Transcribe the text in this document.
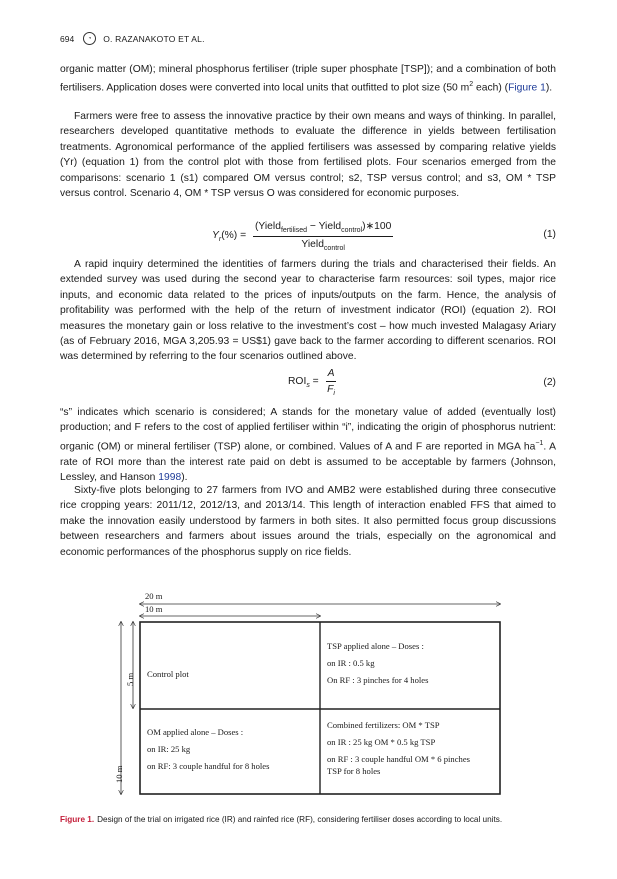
694	◔	O. RAZANAKOTO ET AL.

organic matter (OM); mineral phosphorus fertiliser (triple super phosphate [TSP]); and a combination of both fertilisers. Application doses were converted into local units that outfitted to plot size (50 $m^2$ each) (Figure 1).

Farmers were free to assess the innovative practice by their own means and ways of thinking. In parallel, researchers developed quantitative methods to evaluate the difference in yields between fertilisation treatments. Agronomical performance of the applied fertilisers was assessed by comparing relative yields (Yr) (equation 1) from the control plot with those from fertilised plots. Four scenarios emerged from the comparisons: scenario 1 (s1) compared OM versus control; s2, TSP versus control; and s3, OM * TSP versus control. Scenario 4, OM * TSP versus O was considered for economic purposes.

$Y_r(\%) = \frac{(Yield_{fertilised} - Yield_{control})∗100}{Yield_{control}}$	(1)

A rapid inquiry determined the identities of farmers during the trials and characterised their fields. An extended survey was used during the second year to characterise farm resources: soil types, major rice inputs, and economic data related to the prices of inputs/outputs on the farm. Hence, the analysis of profitability was performed with the help of the return of investment indicator (ROI) (equation 2). ROI measures the monetary gain or loss relative to the investment’s cost – how much invested Malagasy Ariary (as of February 2016, MGA 3,205.93 = US$1) gave back to the farmer according to different scenarios. ROI was determined by referring to the four scenarios outlined above.

$ROI_s = \frac{A}{F_i}$	(2)

“s” indicates which scenario is considered; A stands for the monetary value of added (eventually lost) production; and F refers to the cost of applied fertiliser within “i”, indicating the origin of phosphorus nutrient: organic (OM) or mineral fertiliser (TSP) alone, or combined. Values of A and F are reported in MGA $ha^{-1}$. A rate of ROI more than the interest rate paid on debt is assumed to be acceptable by farmers (Johnson, Lessley, and Hanson 1998).

Sixty-five plots belonging to 27 farmers from IVO and AMB2 were established during three consecutive rice cropping years: 2011/12, 2012/13, and 2013/14. This length of interaction enabled FFS that aimed to make the innovation easily understood by farmers in both sites. It also permitted focus group discussions between researchers and farmers about issues around the trials, especially on the agronomical and economic performances of the phosphorus supply on rice fields.

20 m
10 m
5 m
10 m

Control plot

TSP applied alone – Doses :

on IR : 0.5 kg

On RF : 3 pinches for 4 holes

OM applied alone – Doses :

on IR: 25 kg

on RF: 3 couple handful for 8 holes

Combined fertilizers: OM * TSP

on IR : 25 kg OM * 0.5 kg TSP

on RF : 3 couple handful OM * 6 pinches

TSP for 8 holes

Figure 1. Design of the trial on irrigated rice (IR) and rainfed rice (RF), considering fertiliser doses according to local units.
